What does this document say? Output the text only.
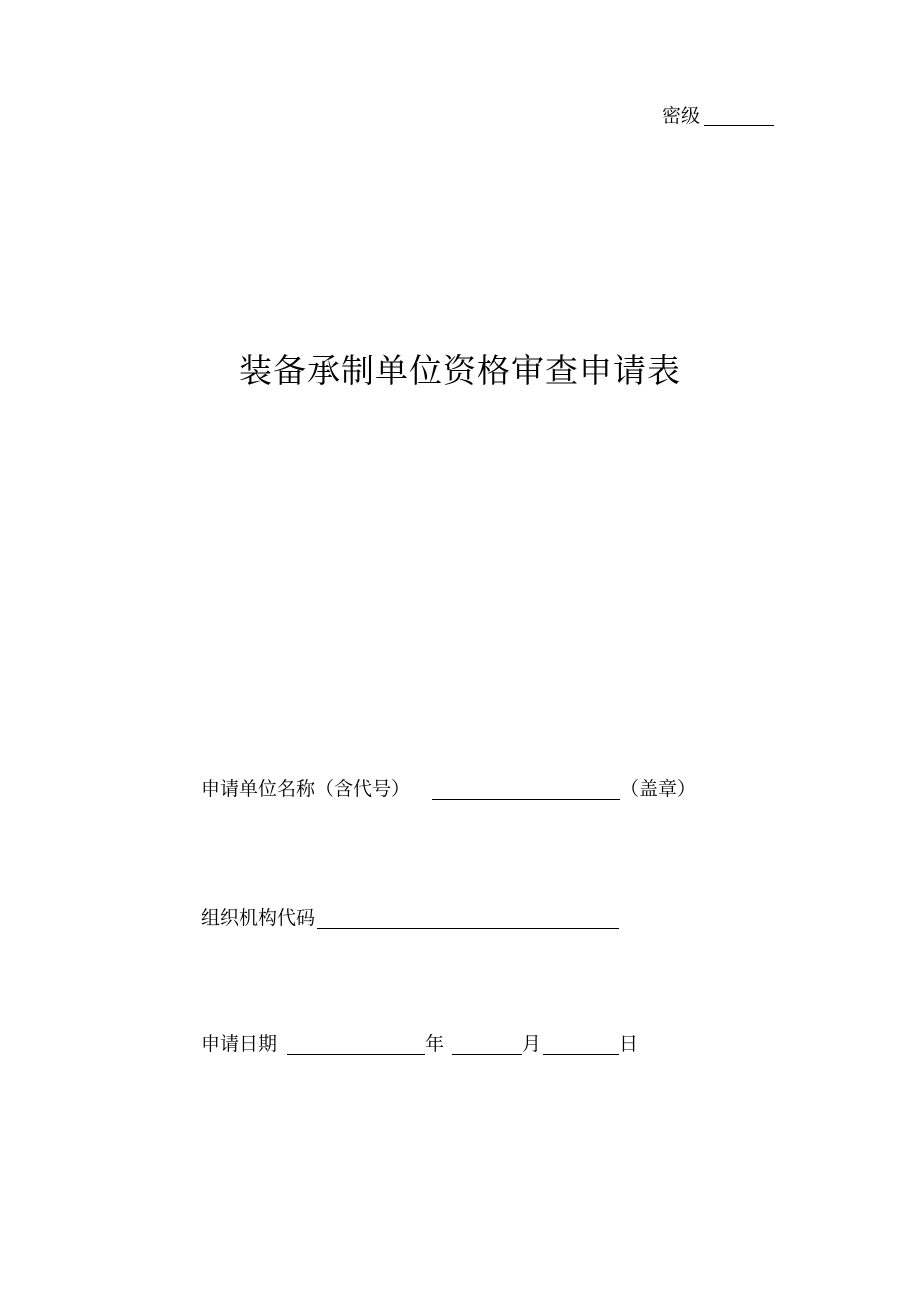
密级
装备承制单位资格审查申请表
申请单位名称（含代号）	（盖章）
组织机构代码
申请日期	年	月	日
